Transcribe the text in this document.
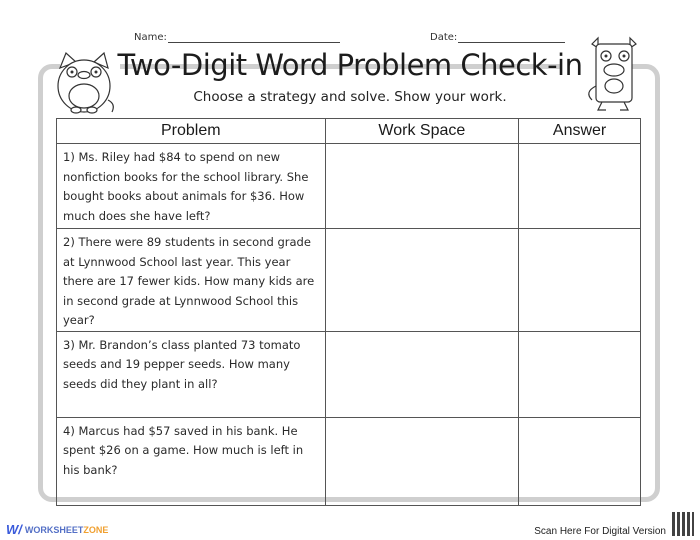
Name:	Date:
Two-Digit Word Problem Check-in
Choose a strategy and solve. Show your work.
Problem	Work Space	Answer
1) Ms. Riley had $84 to spend on new nonfiction books for the school library. She bought books about animals for $36. How much does she have left?		
2) There were 89 students in second grade at Lynnwood School last year. This year there are 17 fewer kids. How many kids are in second grade at Lynnwood School this year?		
3) Mr. Brandon’s class planted 73 tomato seeds and 19 pepper seeds. How many seeds did they plant in all?		
4) Marcus had $57 saved in his bank. He spent $26 on a game. How much is left in his bank?		
W/ WORKSHEET ZONE	Scan Here For Digital Version
